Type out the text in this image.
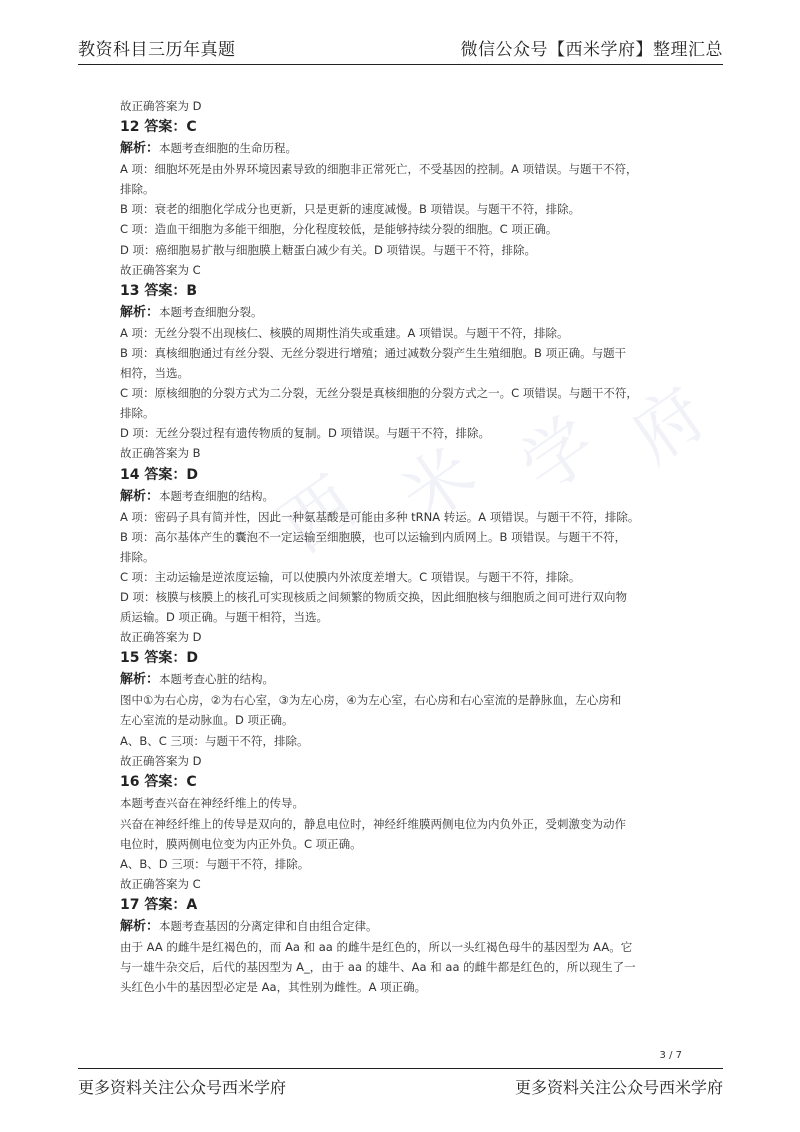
教资科目三历年真题	微信公众号【西米学府】整理汇总
西 米 学 府
故正确答案为 D
12 答案：C
解析：本题考查细胞的生命历程。
A 项：细胞坏死是由外界环境因素导致的细胞非正常死亡，不受基因的控制。A 项错误。与题干不符，
排除。
B 项：衰老的细胞化学成分也更新，只是更新的速度减慢。B 项错误。与题干不符，排除。
C 项：造血干细胞为多能干细胞，分化程度较低，是能够持续分裂的细胞。C 项正确。
D 项：癌细胞易扩散与细胞膜上糖蛋白减少有关。D 项错误。与题干不符，排除。
故正确答案为 C
13 答案：B
解析：本题考查细胞分裂。
A 项：无丝分裂不出现核仁、核膜的周期性消失或重建。A 项错误。与题干不符，排除。
B 项：真核细胞通过有丝分裂、无丝分裂进行增殖；通过减数分裂产生生殖细胞。B 项正确。与题干
相符，当选。
C 项：原核细胞的分裂方式为二分裂，无丝分裂是真核细胞的分裂方式之一。C 项错误。与题干不符，
排除。
D 项：无丝分裂过程有遗传物质的复制。D 项错误。与题干不符，排除。
故正确答案为 B
14 答案：D
解析：本题考查细胞的结构。
A 项：密码子具有简并性，因此一种氨基酸是可能由多种 tRNA 转运。A 项错误。与题干不符，排除。
B 项：高尔基体产生的囊泡不一定运输至细胞膜，也可以运输到内质网上。B 项错误。与题干不符，
排除。
C 项：主动运输是逆浓度运输，可以使膜内外浓度差增大。C 项错误。与题干不符，排除。
D 项：核膜与核膜上的核孔可实现核质之间频繁的物质交换，因此细胞核与细胞质之间可进行双向物
质运输。D 项正确。与题干相符，当选。
故正确答案为 D
15 答案：D
解析：本题考查心脏的结构。
图中①为右心房，②为右心室，③为左心房，④为左心室，右心房和右心室流的是静脉血，左心房和
左心室流的是动脉血。D 项正确。
A、B、C 三项：与题干不符，排除。
故正确答案为 D
16 答案：C
本题考查兴奋在神经纤维上的传导。
兴奋在神经纤维上的传导是双向的，静息电位时，神经纤维膜两侧电位为内负外正，受刺激变为动作
电位时，膜两侧电位变为内正外负。C 项正确。
A、B、D 三项：与题干不符，排除。
故正确答案为 C
17 答案：A
解析：本题考查基因的分离定律和自由组合定律。
由于 AA 的雌牛是红褐色的，而 Aa 和 aa 的雌牛是红色的，所以一头红褐色母牛的基因型为 AA。它
与一雄牛杂交后，后代的基因型为 A_，由于 aa 的雄牛、Aa 和 aa 的雌牛都是红色的，所以现生了一
头红色小牛的基因型必定是 Aa，其性别为雌性。A 项正确。
3 / 7
更多资料关注公众号西米学府	更多资料关注公众号西米学府
